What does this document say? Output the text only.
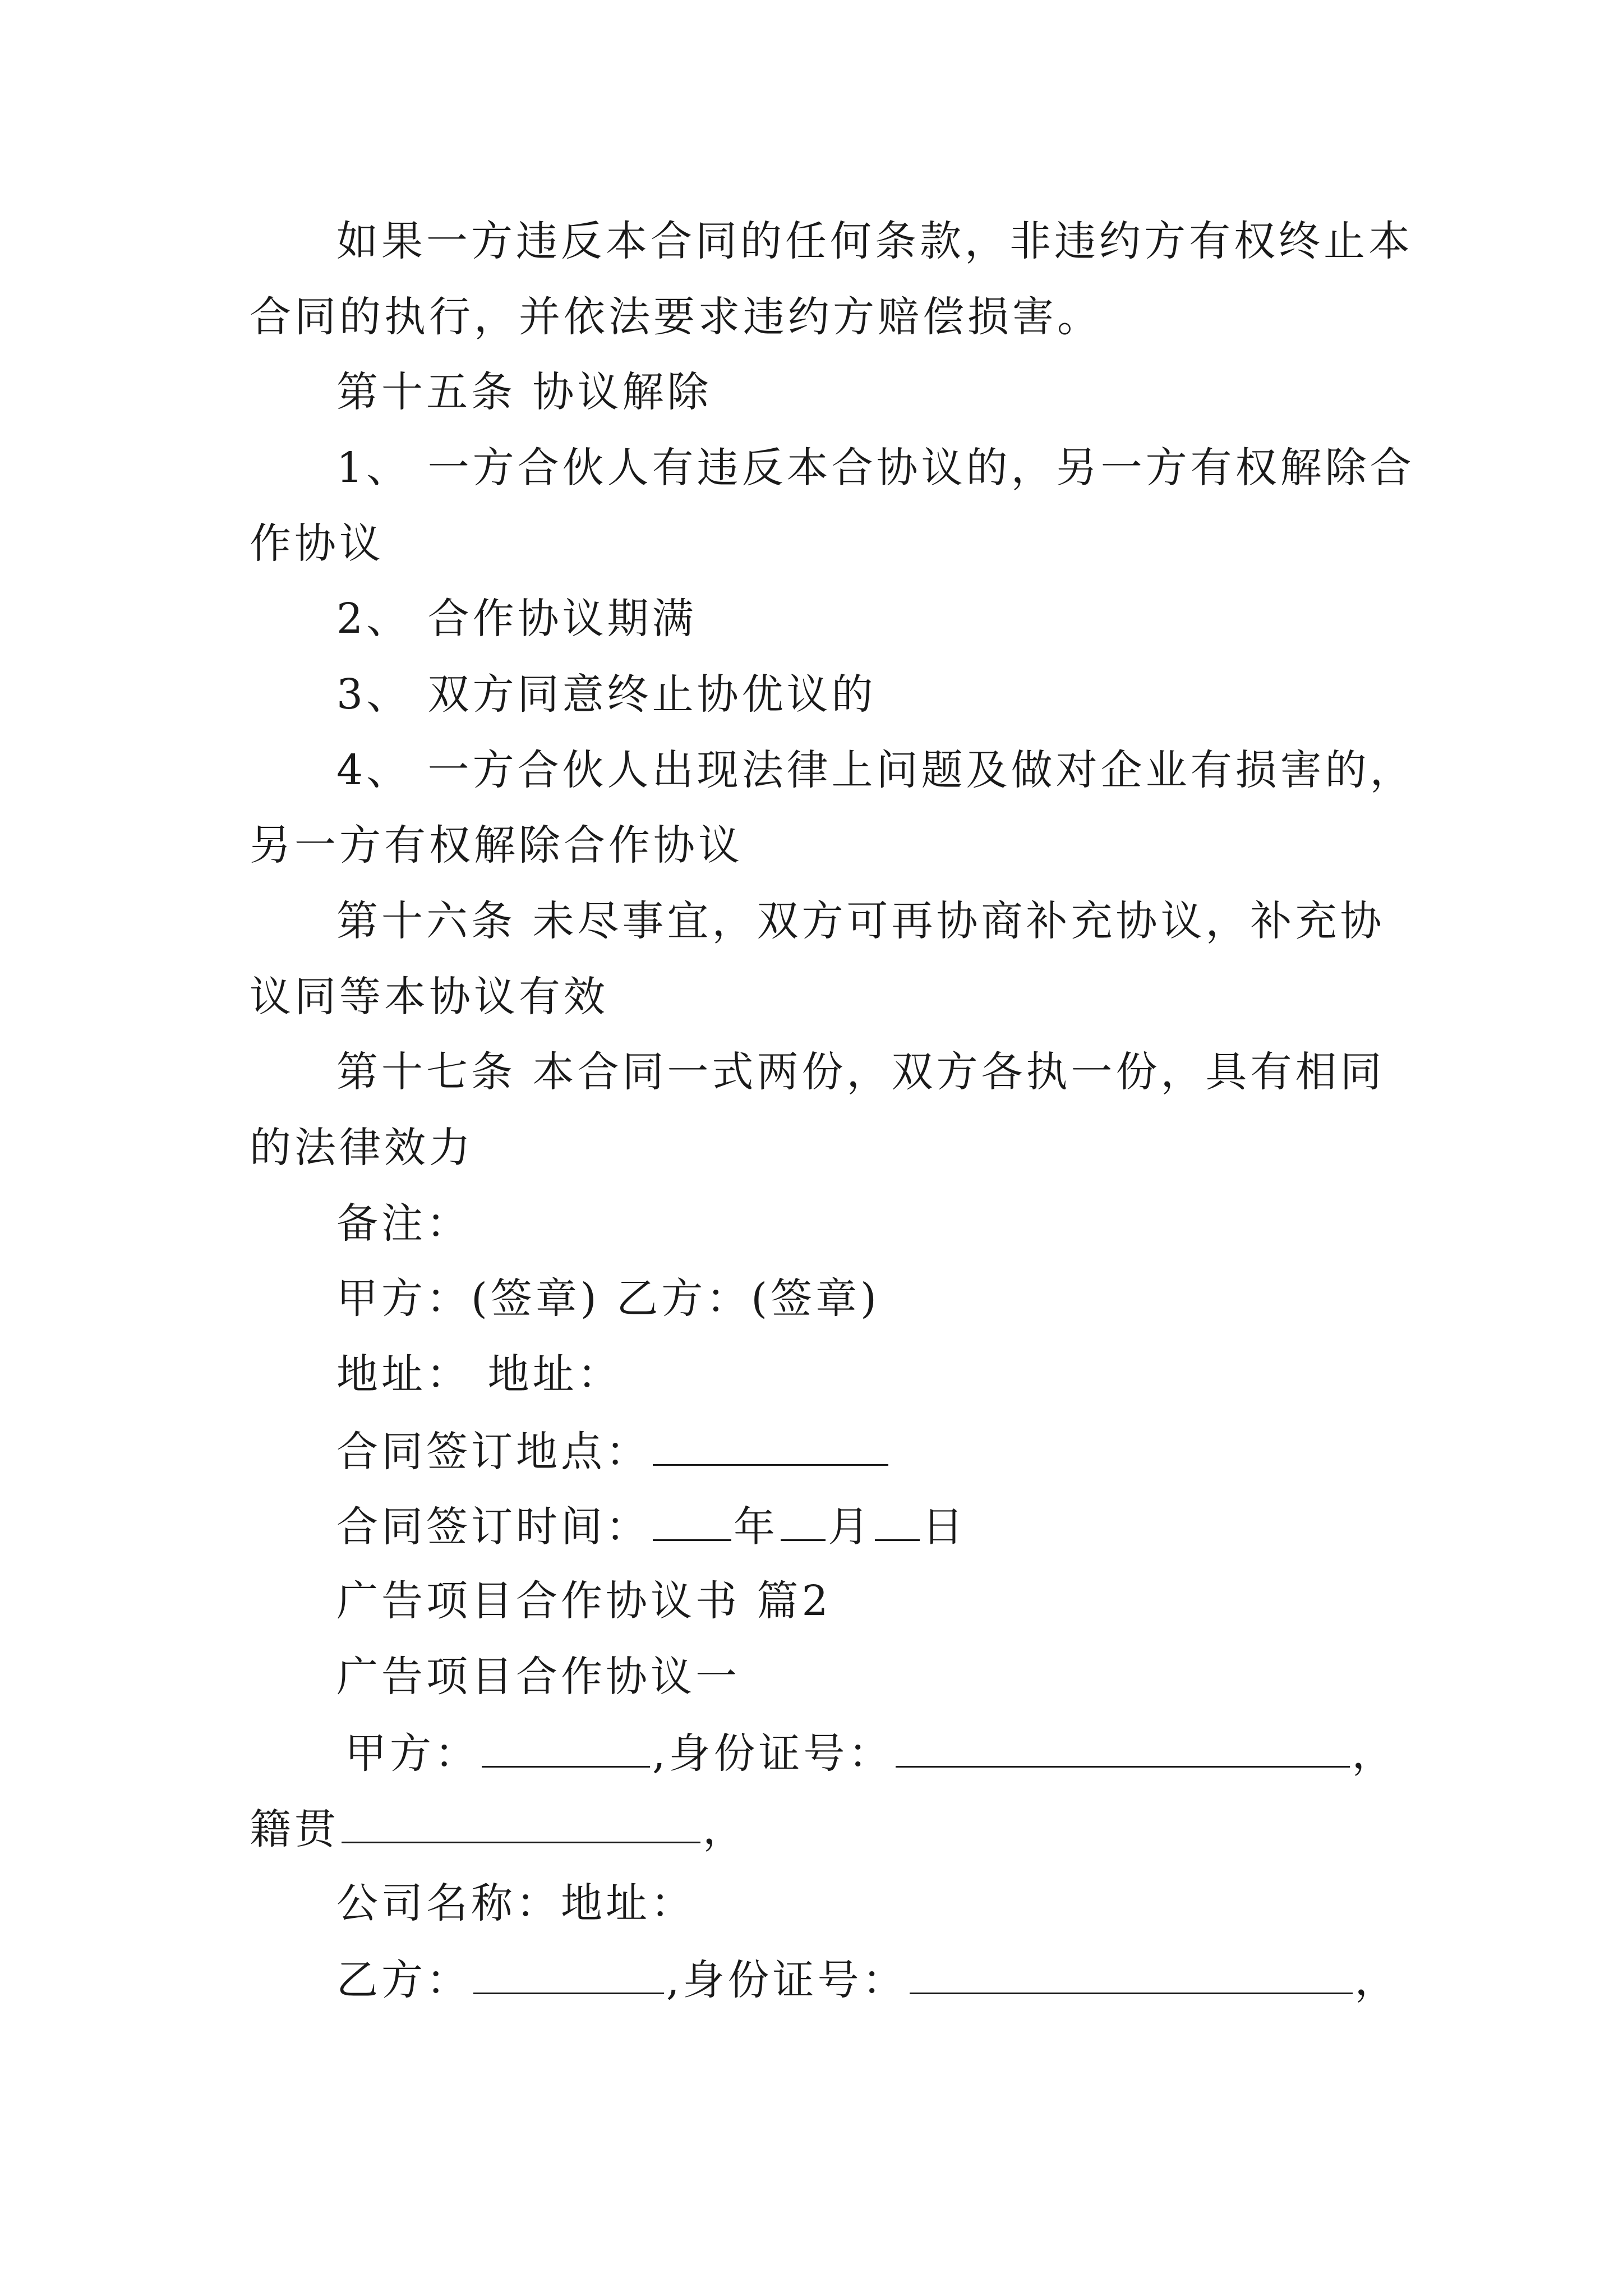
如果一方违反本合同的任何条款，非违约方有权终止本
合同的执行，并依法要求违约方赔偿损害。
第十五条 协议解除
1、 一方合伙人有违反本合协议的，另一方有权解除合
作协议
2、 合作协议期满
3、 双方同意终止协优议的
4、 一方合伙人出现法律上问题及做对企业有损害的，
另一方有权解除合作协议
第十六条 未尽事宜，双方可再协商补充协议，补充协
议同等本协议有效
第十七条 本合同一式两份，双方各执一份，具有相同
的法律效力
备注：
甲方：(签章) 乙方：(签章)
地址： 地址：
合同签订地点：
合同签订时间： 年 月 日
广告项目合作协议书 篇2
广告项目合作协议一
甲方：	,身份证号：	，
籍贯	，
公司名称：地址：
乙方：	,身份证号：	，
